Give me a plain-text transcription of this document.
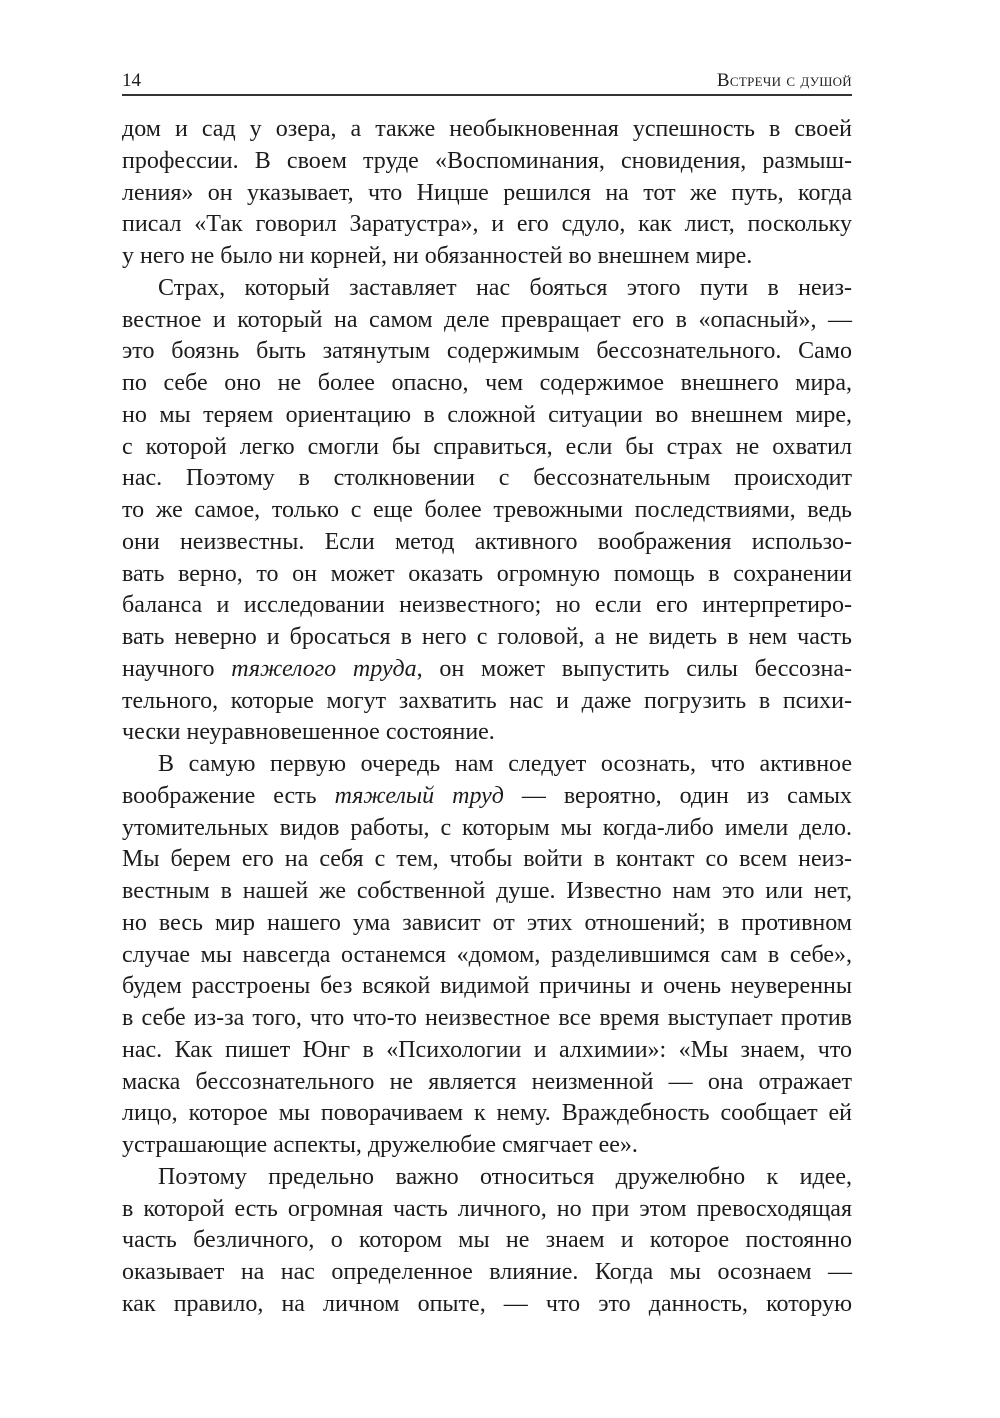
14	Встречи с душой
дом и сад у озера, а также необыкновенная успешность в своей
профессии. В своем труде «Воспоминания, сновидения, размыш-
ления» он указывает, что Ницше решился на тот же путь, когда
писал «Так говорил Заратустра», и его сдуло, как лист, поскольку
у него не было ни корней, ни обязанностей во внешнем мире.
Страх, который заставляет нас бояться этого пути в неиз-
вестное и который на самом деле превращает его в «опасный», —
это боязнь быть затянутым содержимым бессознательного. Само
по себе оно не более опасно, чем содержимое внешнего мира,
но мы теряем ориентацию в сложной ситуации во внешнем мире,
с которой легко смогли бы справиться, если бы страх не охватил
нас. Поэтому в столкновении с бессознательным происходит
то же самое, только с еще более тревожными последствиями, ведь
они неизвестны. Если метод активного воображения использо-
вать верно, то он может оказать огромную помощь в сохранении
баланса и исследовании неизвестного; но если его интерпретиро-
вать неверно и бросаться в него с головой, а не видеть в нем часть
научного тяжелого труда, он может выпустить силы бессозна-
тельного, которые могут захватить нас и даже погрузить в психи-
чески неуравновешенное состояние.
В самую первую очередь нам следует осознать, что активное
воображение есть тяжелый труд — вероятно, один из самых
утомительных видов работы, с которым мы когда-либо имели дело.
Мы берем его на себя с тем, чтобы войти в контакт со всем неиз-
вестным в нашей же собственной душе. Известно нам это или нет,
но весь мир нашего ума зависит от этих отношений; в противном
случае мы навсегда останемся «домом, разделившимся сам в себе»,
будем расстроены без всякой видимой причины и очень неуверенны
в себе из-за того, что что-то неизвестное все время выступает против
нас. Как пишет Юнг в «Психологии и алхимии»: «Мы знаем, что
маска бессознательного не является неизменной — она отражает
лицо, которое мы поворачиваем к нему. Враждебность сообщает ей
устрашающие аспекты, дружелюбие смягчает ее».
Поэтому предельно важно относиться дружелюбно к идее,
в которой есть огромная часть личного, но при этом превосходящая
часть безличного, о котором мы не знаем и которое постоянно
оказывает на нас определенное влияние. Когда мы осознаем —
как правило, на личном опыте, — что это данность, которую
